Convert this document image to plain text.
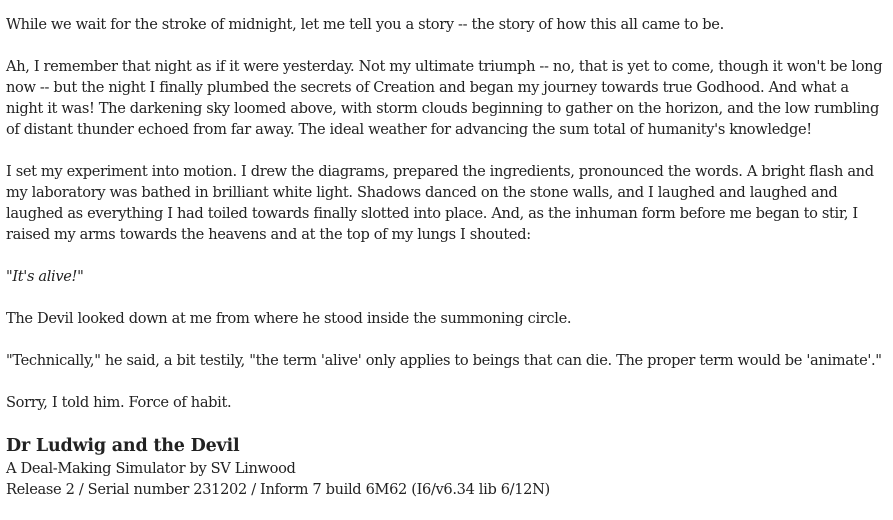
While we wait for the stroke of midnight, let me tell you a story -- the story of how this all came to be.

Ah, I remember that night as if it were yesterday. Not my ultimate triumph -- no, that is yet to come, though it won't be long now -- but the night I finally plumbed the secrets of Creation and began my journey towards true Godhood. And what a night it was! The darkening sky loomed above, with storm clouds beginning to gather on the horizon, and the low rumbling of distant thunder echoed from far away. The ideal weather for advancing the sum total of humanity's knowledge!

I set my experiment into motion. I drew the diagrams, prepared the ingredients, pronounced the words. A bright flash and my laboratory was bathed in brilliant white light. Shadows danced on the stone walls, and I laughed and laughed and laughed as everything I had toiled towards finally slotted into place. And, as the inhuman form before me began to stir, I raised my arms towards the heavens and at the top of my lungs I shouted:

"It's alive!"

The Devil looked down at me from where he stood inside the summoning circle.

"Technically," he said, a bit testily, "the term 'alive' only applies to beings that can die. The proper term would be 'animate'."

Sorry, I told him. Force of habit.

Dr Ludwig and the Devil
A Deal-Making Simulator by SV Linwood
Release 2 / Serial number 231202 / Inform 7 build 6M62 (I6/v6.34 lib 6/12N)
